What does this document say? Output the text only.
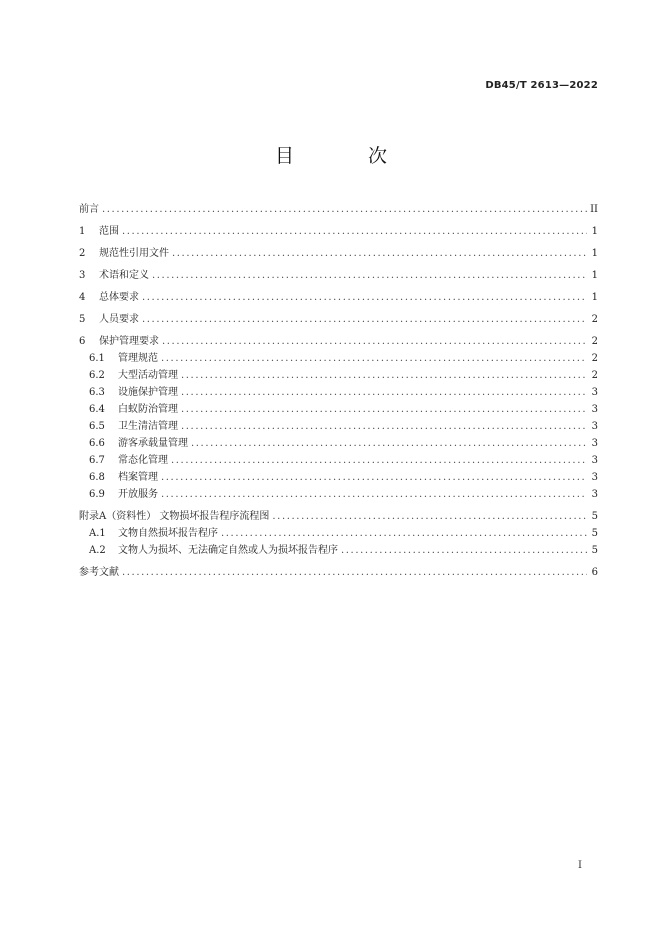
DB45/T 2613—2022
目 次
前言 .....	II
1	范围 .....	1
2	规范性引用文件 .....	1
3	术语和定义 .....	1
4	总体要求 .....	1
5	人员要求 .....	2
6	保护管理要求 .....	2
6.1	管理规范 .....	2
6.2	大型活动管理 .....	2
6.3	设施保护管理 .....	3
6.4	白蚁防治管理 .....	3
6.5	卫生清洁管理 .....	3
6.6	游客承载量管理 .....	3
6.7	常态化管理 .....	3
6.8	档案管理 .....	3
6.9	开放服务 .....	3
附录A（资料性） 文物损坏报告程序流程图 .....	5
A.1	文物自然损坏报告程序 .....	5
A.2	文物人为损坏、无法确定自然或人为损坏报告程序 .....	5
参考文献 .....	6
I
